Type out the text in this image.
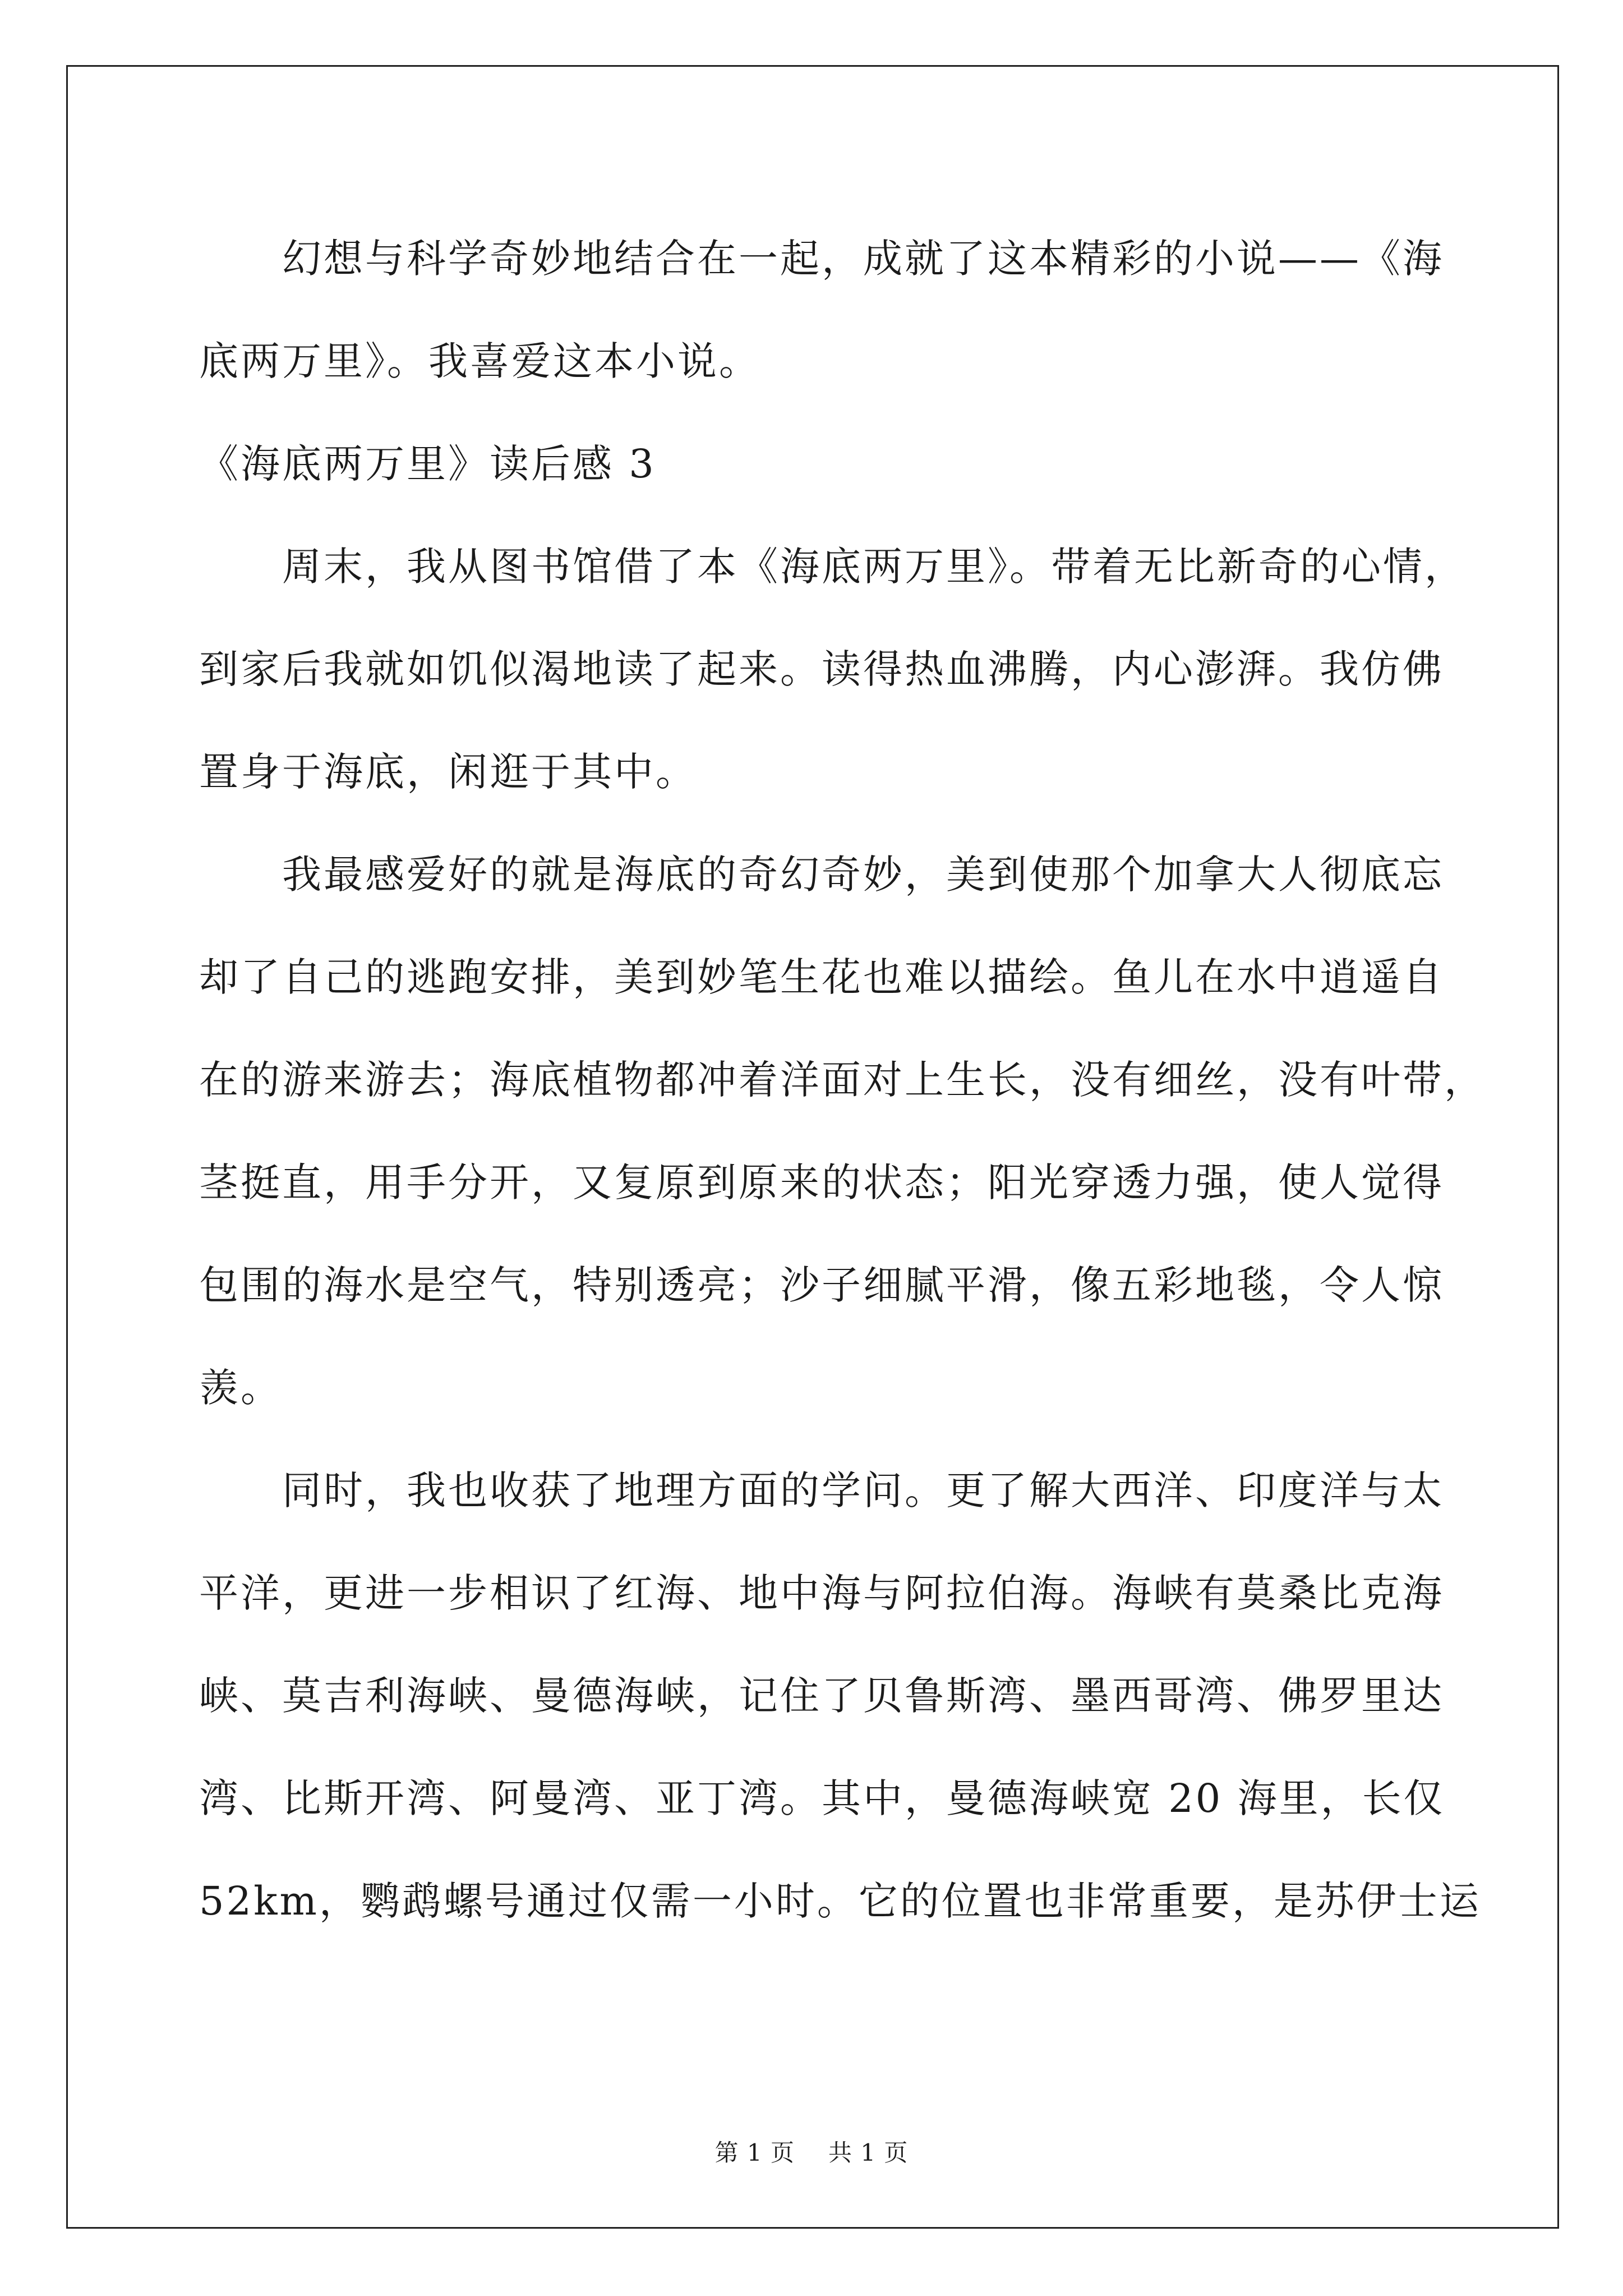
幻想与科学奇妙地结合在一起，成就了这本精彩的小说——《海
底两万里》。我喜爱这本小说。
《海底两万里》读后感 3
周末，我从图书馆借了本《海底两万里》。带着无比新奇的心情，
到家后我就如饥似渴地读了起来。读得热血沸腾，内心澎湃。我仿佛
置身于海底，闲逛于其中。
我最感爱好的就是海底的奇幻奇妙，美到使那个加拿大人彻底忘
却了自己的逃跑安排，美到妙笔生花也难以描绘。鱼儿在水中逍遥自
在的游来游去；海底植物都冲着洋面对上生长，没有细丝，没有叶带，
茎挺直，用手分开，又复原到原来的状态；阳光穿透力强，使人觉得
包围的海水是空气，特别透亮；沙子细腻平滑，像五彩地毯，令人惊
羡。
同时，我也收获了地理方面的学问。更了解大西洋、印度洋与太
平洋，更进一步相识了红海、地中海与阿拉伯海。海峡有莫桑比克海
峡、莫吉利海峡、曼德海峡，记住了贝鲁斯湾、墨西哥湾、佛罗里达
湾、比斯开湾、阿曼湾、亚丁湾。其中，曼德海峡宽 20 海里，长仅
52km，鹦鹉螺号通过仅需一小时。它的位置也非常重要，是苏伊士运
第 1 页 共 1 页
